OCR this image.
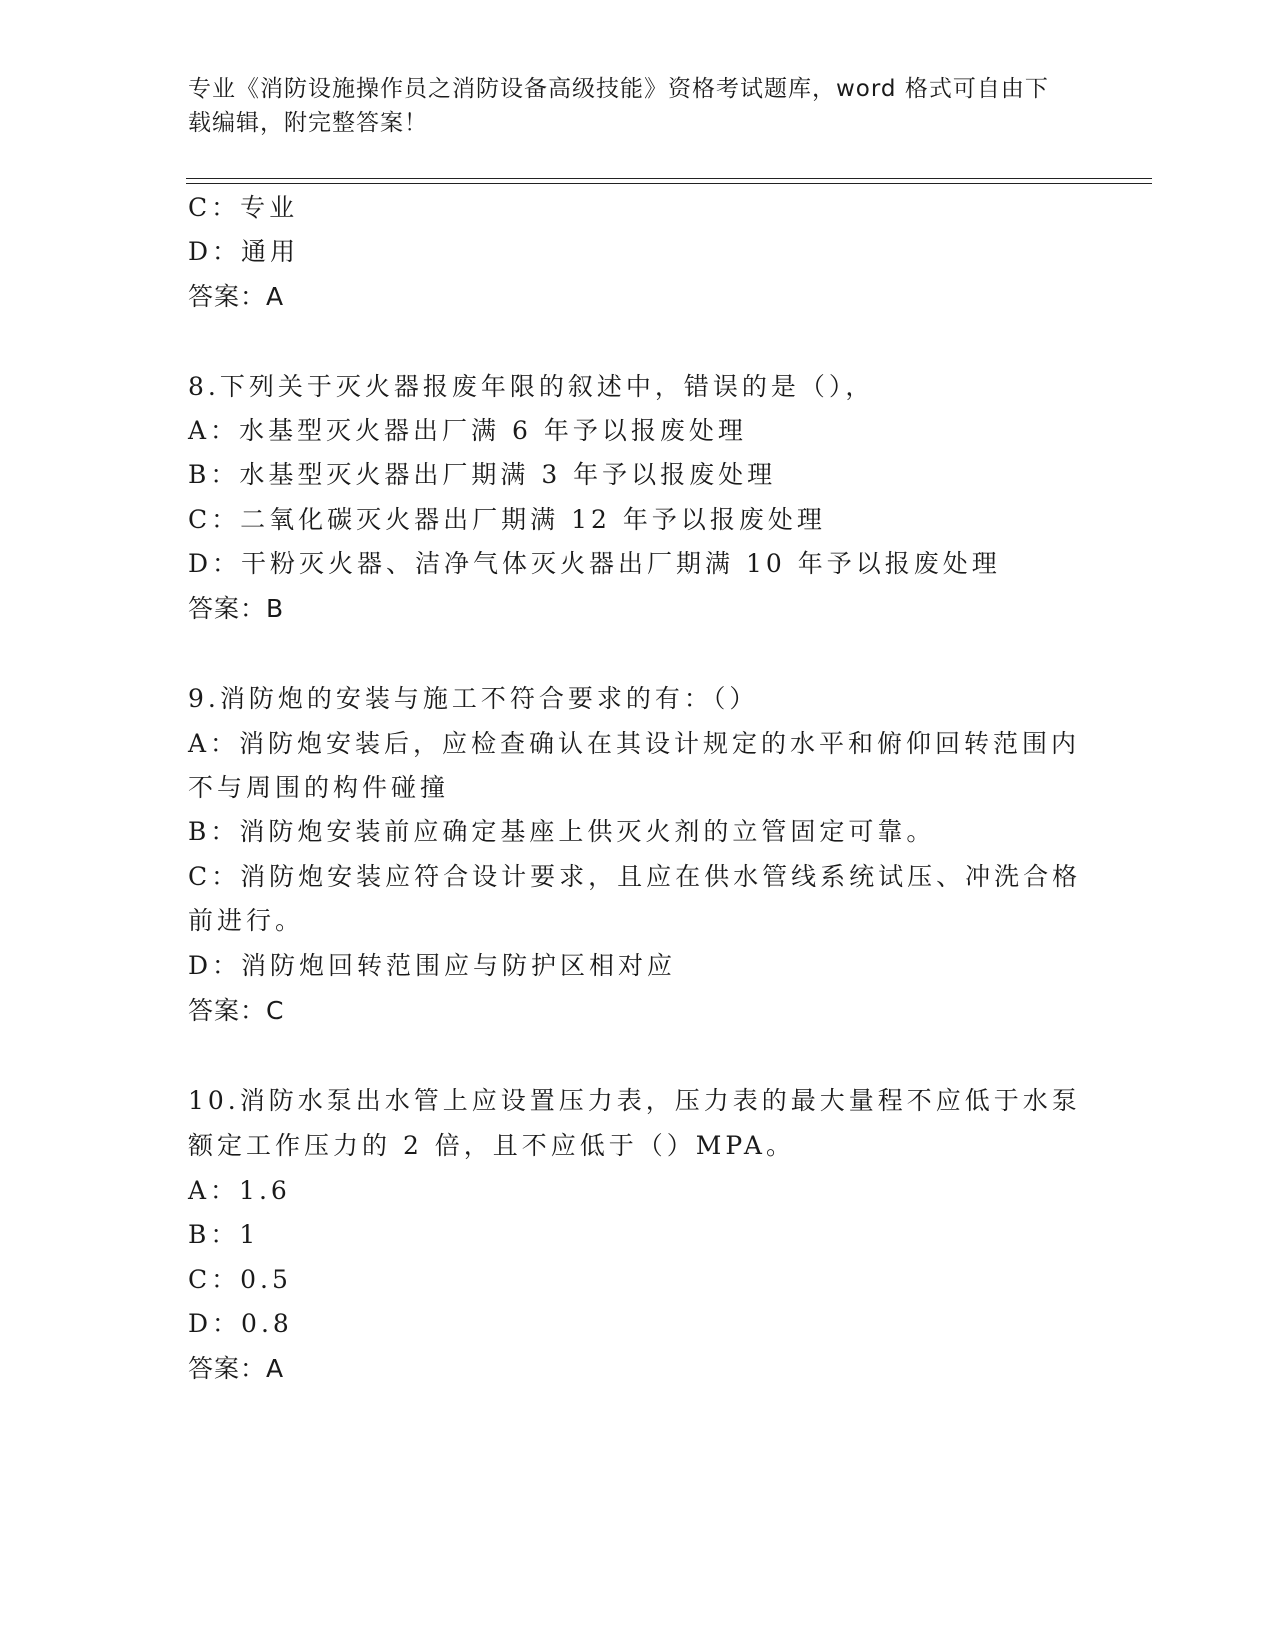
专业《消防设施操作员之消防设备高级技能》资格考试题库，word 格式可自由下
载编辑，附完整答案！
C：专业
D：通用
答案：A
8.下列关于灭火器报废年限的叙述中，错误的是（），
A：水基型灭火器出厂满 6 年予以报废处理
B：水基型灭火器出厂期满 3 年予以报废处理
C：二氧化碳灭火器出厂期满 12 年予以报废处理
D：干粉灭火器、洁净气体灭火器出厂期满 10 年予以报废处理
答案：B
9.消防炮的安装与施工不符合要求的有：（）
A：消防炮安装后，应检查确认在其设计规定的水平和俯仰回转范围内
不与周围的构件碰撞
B：消防炮安装前应确定基座上供灭火剂的立管固定可靠。
C：消防炮安装应符合设计要求，且应在供水管线系统试压、冲洗合格
前进行。
D：消防炮回转范围应与防护区相对应
答案：C
10.消防水泵出水管上应设置压力表，压力表的最大量程不应低于水泵
额定工作压力的 2 倍，且不应低于（）MPA。
A：1.6
B：1
C：0.5
D：0.8
答案：A
